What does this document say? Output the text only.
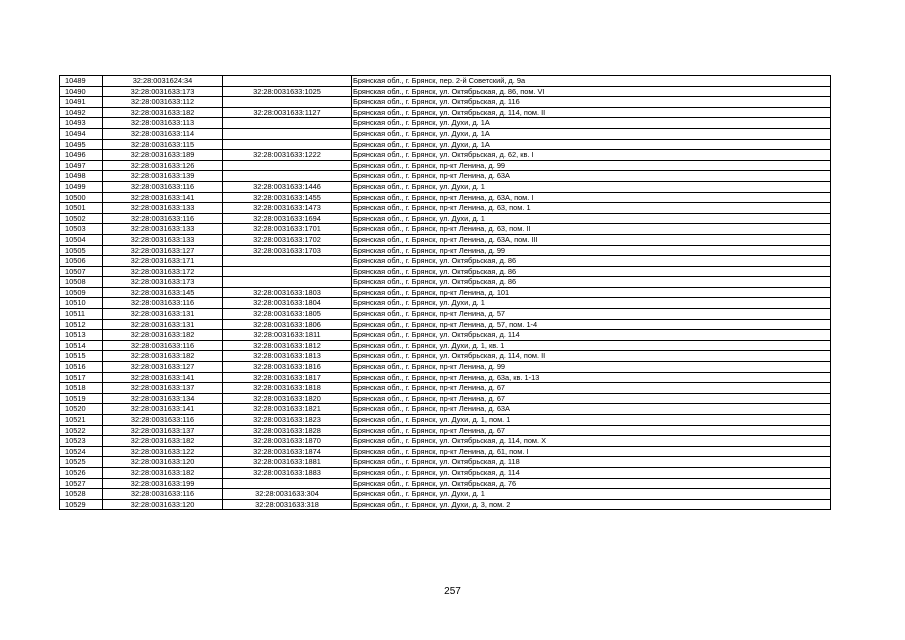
10489	32:28:0031624:34		Брянская обл., г. Брянск, пер. 2-й Советский, д. 9а
10490	32:28:0031633:173	32:28:0031633:1025	Брянская обл., г. Брянск, ул. Октябрьская, д. 86, пом. VI
10491	32:28:0031633:112		Брянская обл., г. Брянск, ул. Октябрьская, д. 116
10492	32:28:0031633:182	32:28:0031633:1127	Брянская обл., г. Брянск, ул. Октябрьская, д. 114, пом. II
10493	32:28:0031633:113		Брянская обл., г. Брянск, ул. Духи, д. 1А
10494	32:28:0031633:114		Брянская обл., г. Брянск, ул. Духи, д. 1А
10495	32:28:0031633:115		Брянская обл., г. Брянск, ул. Духи, д. 1А
10496	32:28:0031633:189	32:28:0031633:1222	Брянская обл., г. Брянск, ул. Октябрьская, д. 62, кв. I
10497	32:28:0031633:126		Брянская обл., г. Брянск, пр-кт Ленина, д. 99
10498	32:28:0031633:139		Брянская обл., г. Брянск, пр-кт Ленина, д. 63А
10499	32:28:0031633:116	32:28:0031633:1446	Брянская обл., г. Брянск, ул. Духи, д. 1
10500	32:28:0031633:141	32:28:0031633:1455	Брянская обл., г. Брянск, пр-кт Ленина, д. 63А, пом. I
10501	32:28:0031633:133	32:28:0031633:1473	Брянская обл., г. Брянск, пр-кт Ленина, д. 63, пом. 1
10502	32:28:0031633:116	32:28:0031633:1694	Брянская обл., г. Брянск, ул. Духи, д. 1
10503	32:28:0031633:133	32:28:0031633:1701	Брянская обл., г. Брянск, пр-кт Ленина, д. 63, пом. II
10504	32:28:0031633:133	32:28:0031633:1702	Брянская обл., г. Брянск, пр-кт Ленина, д. 63А, пом. III
10505	32:28:0031633:127	32:28:0031633:1703	Брянская обл., г. Брянск, пр-кт Ленина, д. 99
10506	32:28:0031633:171		Брянская обл., г. Брянск, ул. Октябрьская, д. 86
10507	32:28:0031633:172		Брянская обл., г. Брянск, ул. Октябрьская, д. 86
10508	32:28:0031633:173		Брянская обл., г. Брянск, ул. Октябрьская, д. 86
10509	32:28:0031633:145	32:28:0031633:1803	Брянская обл., г. Брянск, пр-кт Ленина, д. 101
10510	32:28:0031633:116	32:28:0031633:1804	Брянская обл., г. Брянск, ул. Духи, д. 1
10511	32:28:0031633:131	32:28:0031633:1805	Брянская обл., г. Брянск, пр-кт Ленина, д. 57
10512	32:28:0031633:131	32:28:0031633:1806	Брянская обл., г. Брянск, пр-кт Ленина, д. 57, пом. 1-4
10513	32:28:0031633:182	32:28:0031633:1811	Брянская обл., г. Брянск, ул. Октябрьская, д. 114
10514	32:28:0031633:116	32:28:0031633:1812	Брянская обл., г. Брянск, ул. Духи, д. 1, кв. 1
10515	32:28:0031633:182	32:28:0031633:1813	Брянская обл., г. Брянск, ул. Октябрьская, д. 114, пом. II
10516	32:28:0031633:127	32:28:0031633:1816	Брянская обл., г. Брянск, пр-кт Ленина, д. 99
10517	32:28:0031633:141	32:28:0031633:1817	Брянская обл., г. Брянск, пр-кт Ленина, д. 63а, кв. 1-13
10518	32:28:0031633:137	32:28:0031633:1818	Брянская обл., г. Брянск, пр-кт Ленина, д. 67
10519	32:28:0031633:134	32:28:0031633:1820	Брянская обл., г. Брянск, пр-кт Ленина, д. 67
10520	32:28:0031633:141	32:28:0031633:1821	Брянская обл., г. Брянск, пр-кт Ленина, д. 63А
10521	32:28:0031633:116	32:28:0031633:1823	Брянская обл., г. Брянск, ул. Духи, д. 1, пом. 1
10522	32:28:0031633:137	32:28:0031633:1828	Брянская обл., г. Брянск, пр-кт Ленина, д. 67
10523	32:28:0031633:182	32:28:0031633:1870	Брянская обл., г. Брянск, ул. Октябрьская, д. 114, пом. X
10524	32:28:0031633:122	32:28:0031633:1874	Брянская обл., г. Брянск, пр-кт Ленина, д. 61, пом. I
10525	32:28:0031633:120	32:28:0031633:1881	Брянская обл., г. Брянск, ул. Октябрьская, д. 118
10526	32:28:0031633:182	32:28:0031633:1883	Брянская обл., г. Брянск, ул. Октябрьская, д. 114
10527	32:28:0031633:199		Брянская обл., г. Брянск, ул. Октябрьская, д. 76
10528	32:28:0031633:116	32:28:0031633:304	Брянская обл., г. Брянск, ул. Духи, д. 1
10529	32:28:0031633:120	32:28:0031633:318	Брянская обл., г. Брянск, ул. Духи, д. 3, пом. 2
257
